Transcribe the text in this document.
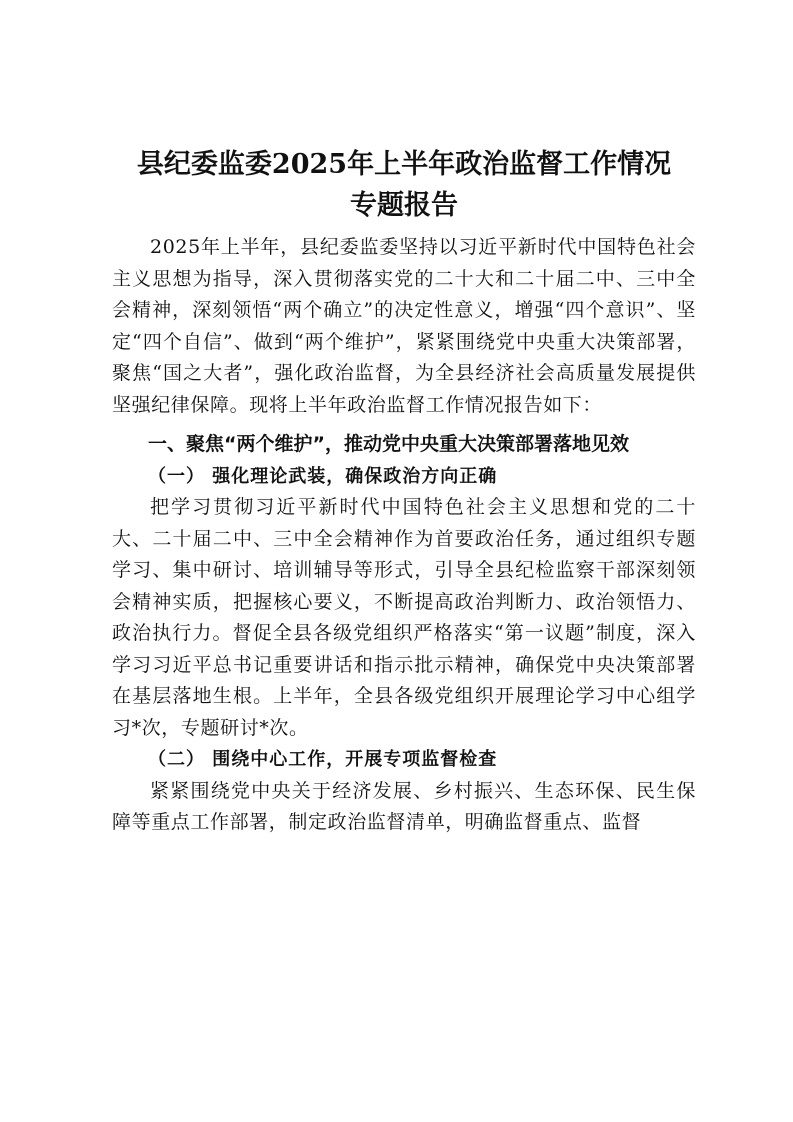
县纪委监委2025年上半年政治监督工作情况
专题报告

2025年上半年，县纪委监委坚持以习近平新时代中国特色社会主义思想为指导，深入贯彻落实党的二十大和二十届二中、三中全会精神，深刻领悟“两个确立”的决定性意义，增强“四个意识”、坚定“四个自信”、做到“两个维护”，紧紧围绕党中央重大决策部署，聚焦“国之大者”，强化政治监督，为全县经济社会高质量发展提供坚强纪律保障。现将上半年政治监督工作情况报告如下：

一、聚焦“两个维护”，推动党中央重大决策部署落地见效

（一） 强化理论武装，确保政治方向正确

把学习贯彻习近平新时代中国特色社会主义思想和党的二十大、二十届二中、三中全会精神作为首要政治任务，通过组织专题学习、集中研讨、培训辅导等形式，引导全县纪检监察干部深刻领会精神实质，把握核心要义，不断提高政治判断力、政治领悟力、政治执行力。督促全县各级党组织严格落实“第一议题”制度，深入学习习近平总书记重要讲话和指示批示精神，确保党中央决策部署在基层落地生根。上半年，全县各级党组织开展理论学习中心组学习*次，专题研讨*次。

（二） 围绕中心工作，开展专项监督检查

紧紧围绕党中央关于经济发展、乡村振兴、生态环保、民生保障等重点工作部署，制定政治监督清单，明确监督重点、监督
